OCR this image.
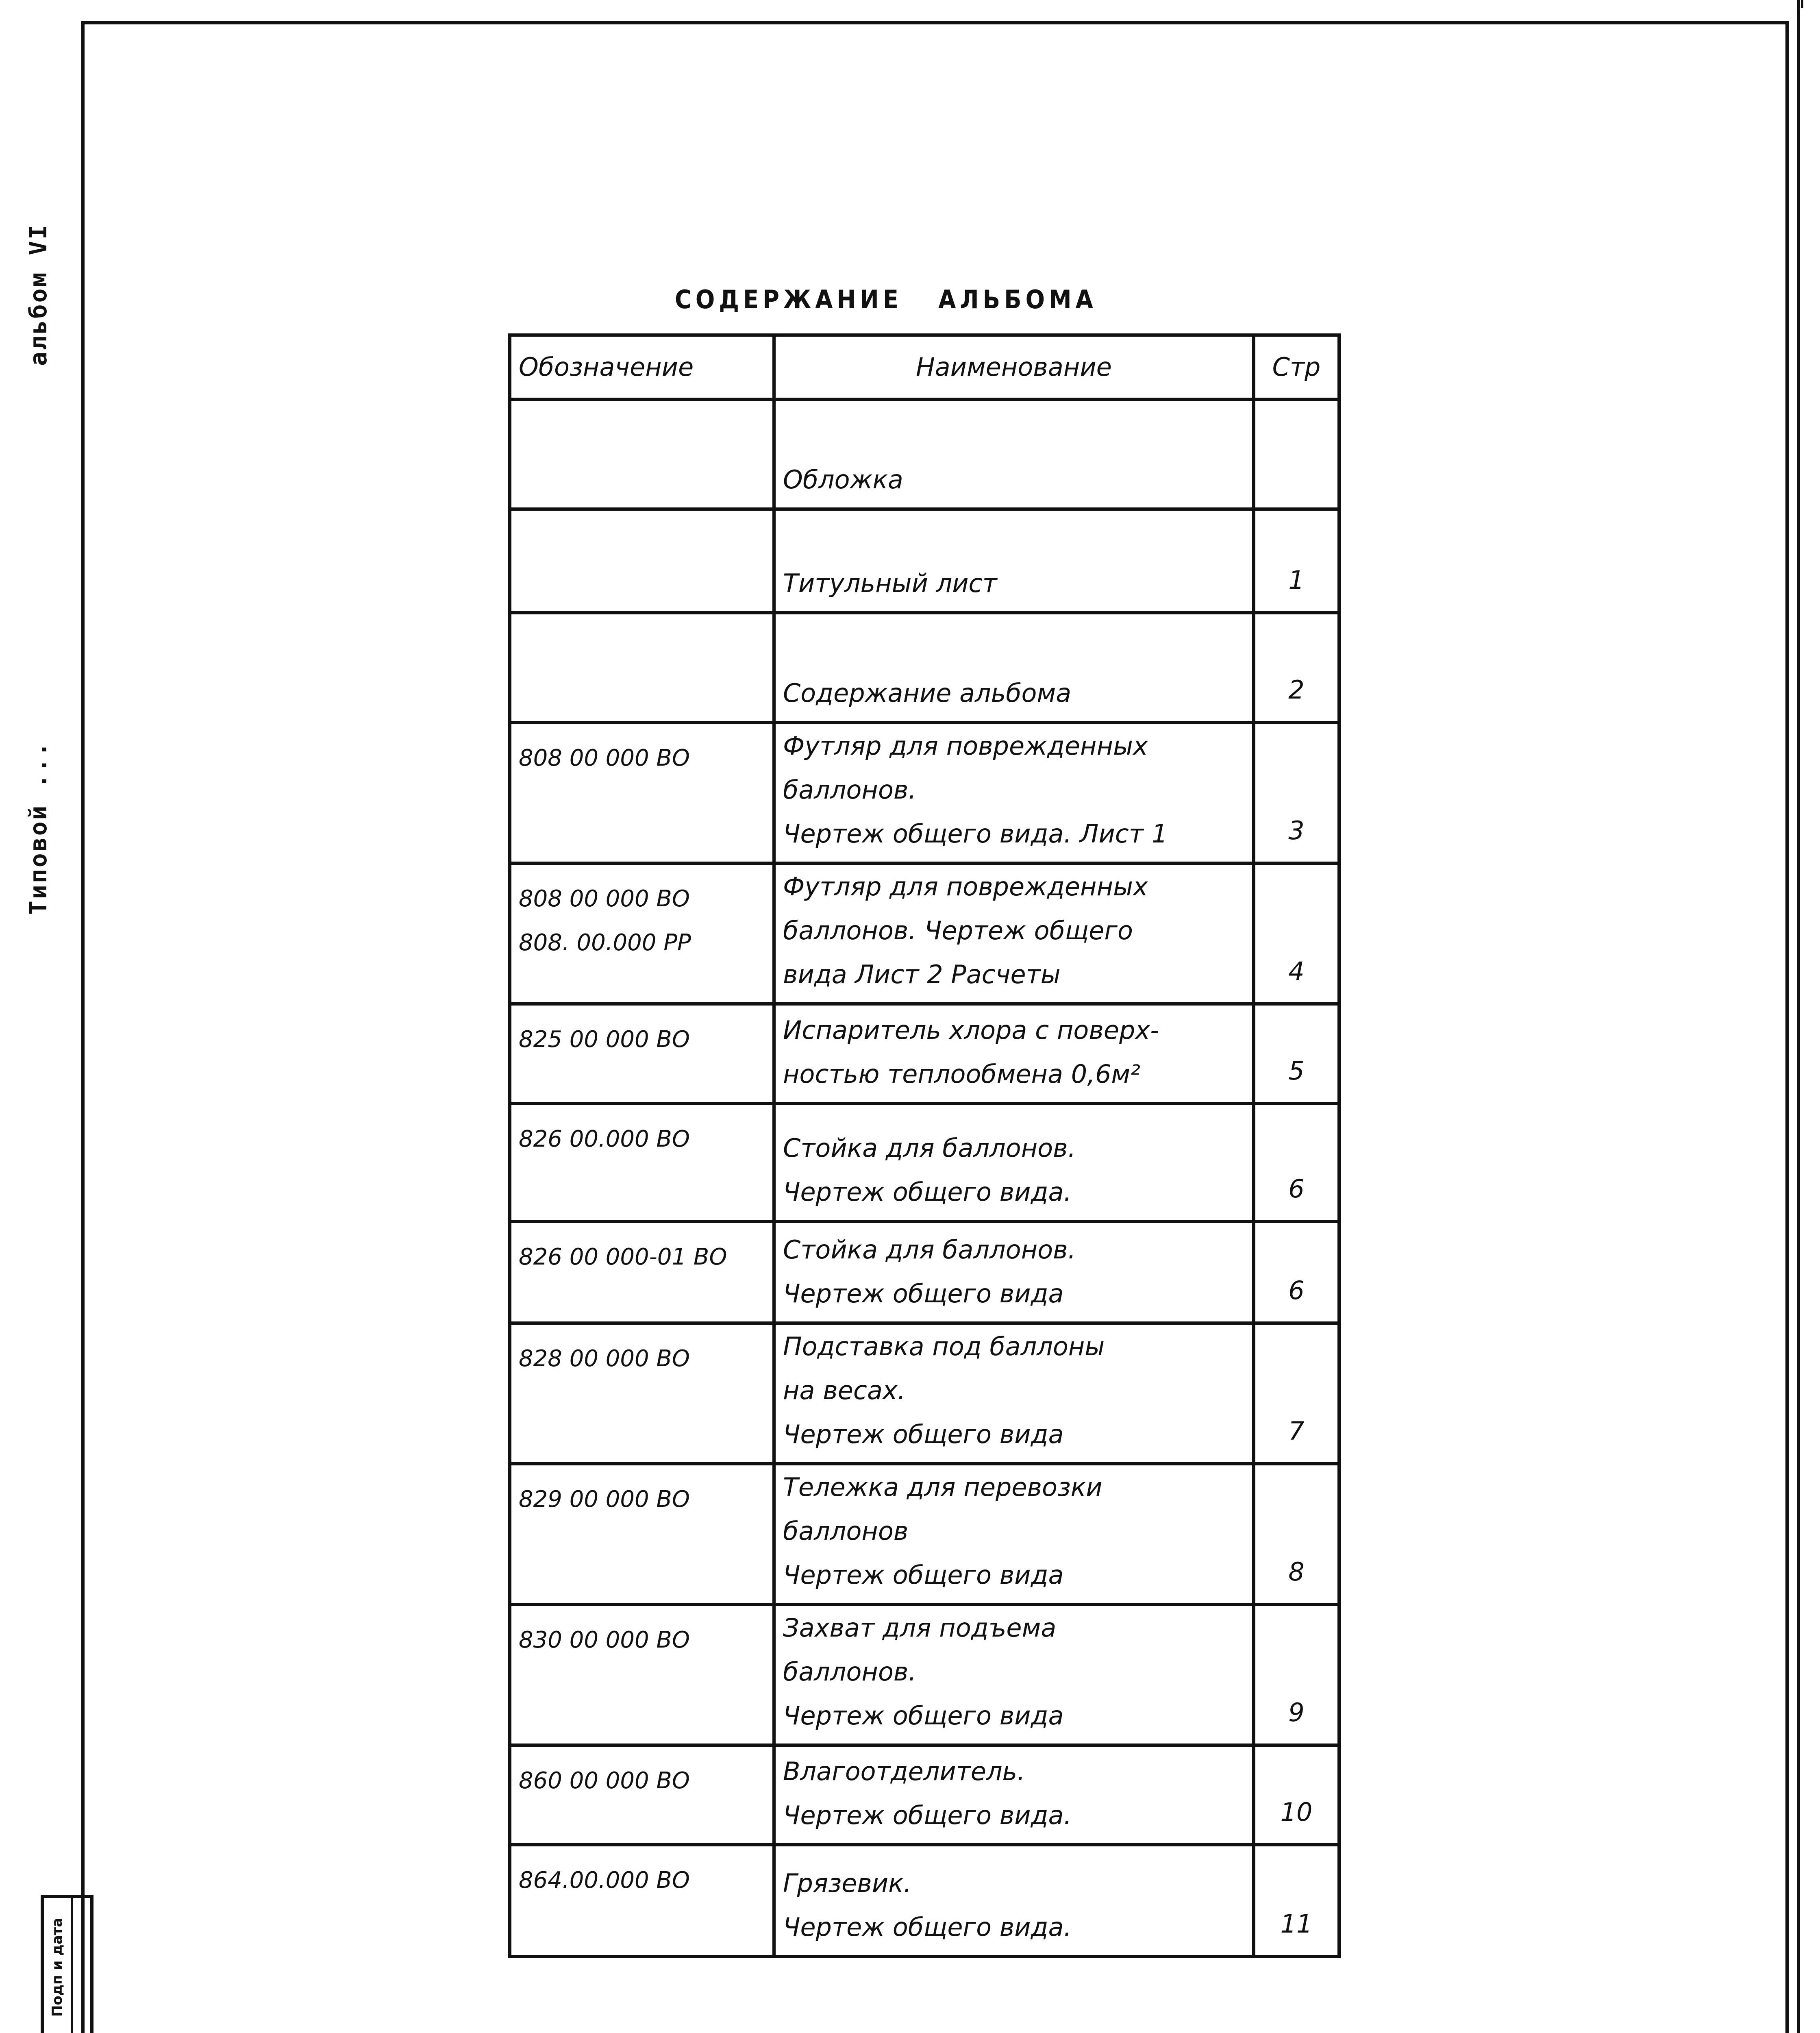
Типовой ...
альбом VI
Подп и дата
СОДЕРЖАНИЕ   АЛЬБОМА
Обозначение	Наименование	Стр

	Обложка	

	Титульный лист	1

	Содержание альбома	2

808 00 000 ВО	Футляр для поврежденных
баллонов.
Чертеж общего вида. Лист 1	3

808 00 000 ВО
808. 00.000 РР	Футляр для поврежденных
баллонов. Чертеж общего
вида Лист 2 Расчеты	4

825 00 000 ВО	Испаритель хлора с поверх-
ностью теплообмена 0,6м²	5

826 00.000 ВО	Стойка для баллонов.
Чертеж общего вида.	6

826 00 000-01 ВО	Стойка для баллонов.
Чертеж общего вида	6

828 00 000 ВО	Подставка под баллоны
на весах.
Чертеж общего вида	7

829 00 000 ВО	Тележка для перевозки
баллонов
Чертеж общего вида	8

830 00 000 ВО	Захват для подъема
баллонов.
Чертеж общего вида	9

860 00 000 ВО	Влагоотделитель.
Чертеж общего вида.	10

864.00.000 ВО	Грязевик.
Чертеж общего вида.	11
